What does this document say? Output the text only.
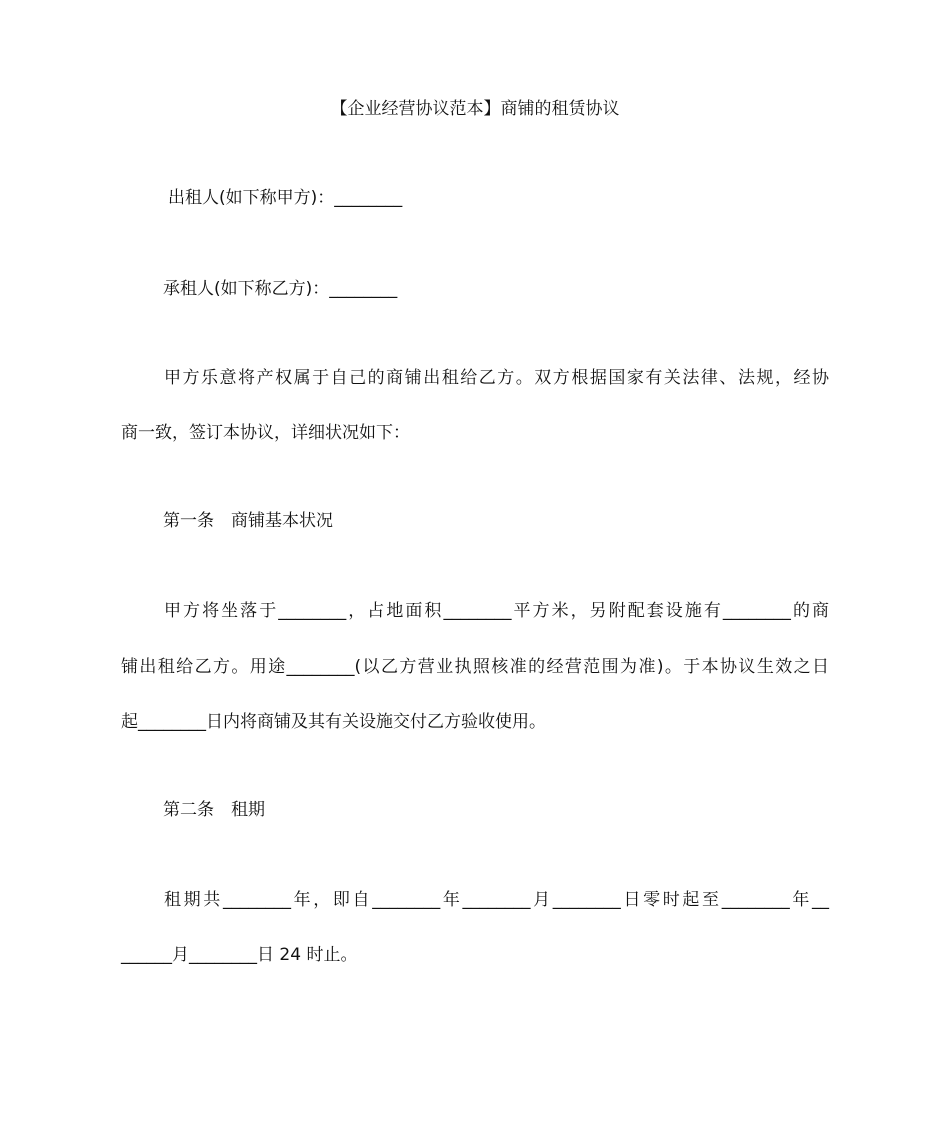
【企业经营协议范本】商铺的租赁协议
出租人(如下称甲方)：________
承租人(如下称乙方)：________
甲方乐意将产权属于自己的商铺出租给乙方。双方根据国家有关法律、法规，经协
商一致，签订本协议，详细状况如下：
第一条　商铺基本状况
甲方将坐落于________，占地面积________平方米，另附配套设施有________的商
铺出租给乙方。用途________(以乙方营业执照核准的经营范围为准)。于本协议生效之日
起________日内将商铺及其有关设施交付乙方验收使用。
第二条　租期
租期共________年，即自________年________月________日零时起至________年__
______月________日 24 时止。
